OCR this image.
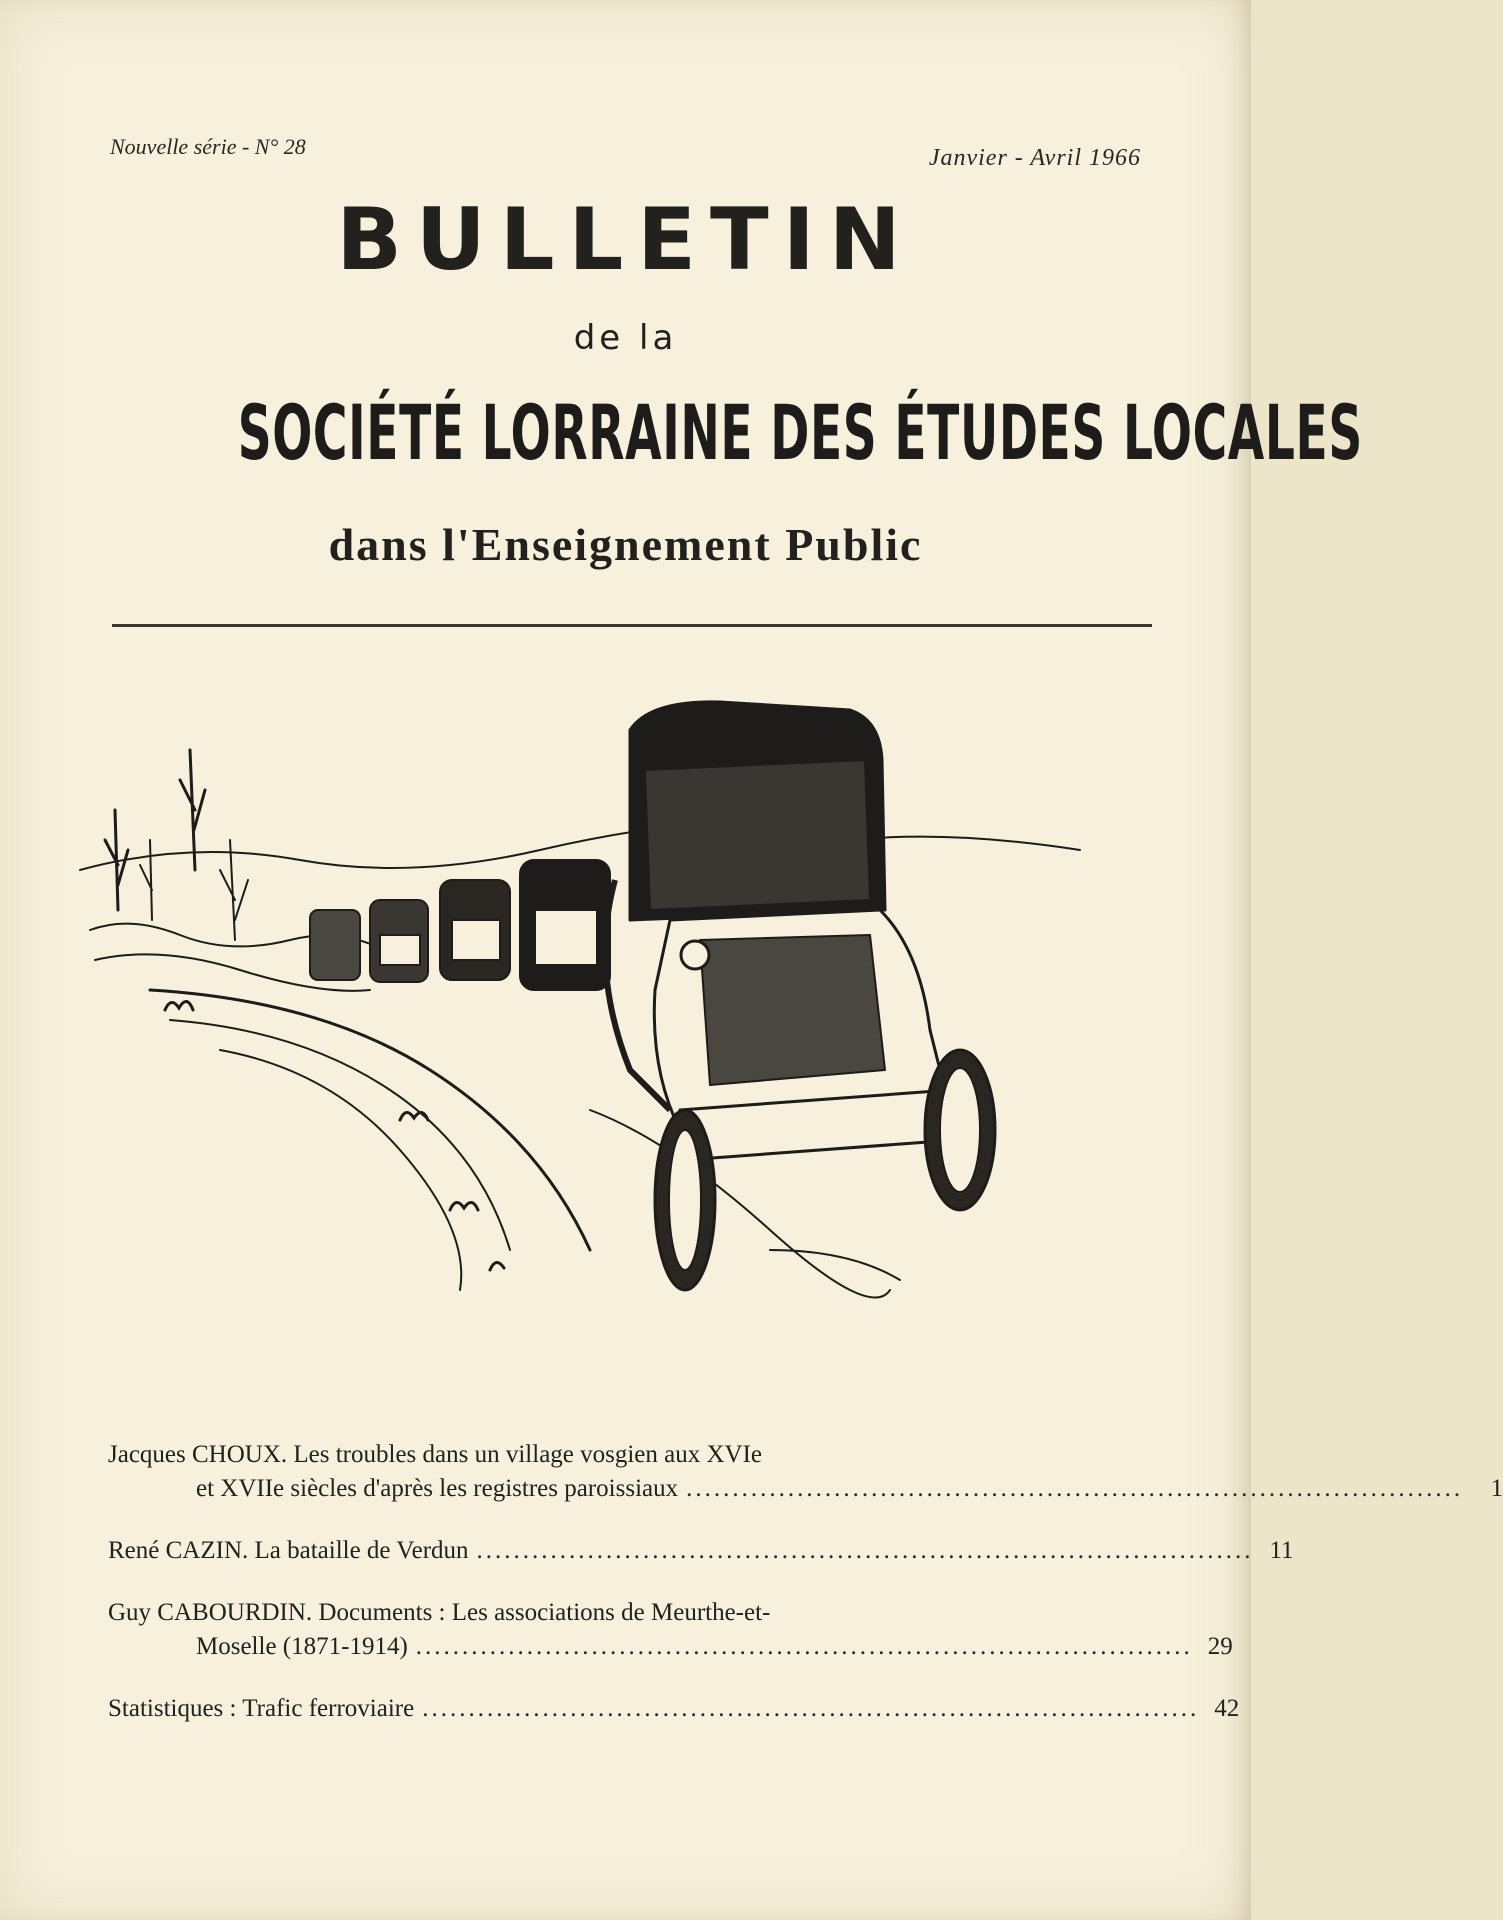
Nouvelle série - N° 28	Janvier - Avril 1966
BULLETIN
de la
SOCIÉTÉ LORRAINE DES ÉTUDES LOCALES
dans l'Enseignement Public
Jacques CHOUX. Les troubles dans un village vosgien aux XVIe
et XVIIe siècles d'après les registres paroissiaux ....................................................................................	1
René CAZIN. La bataille de Verdun .................................................................................... 11
Guy CABOURDIN. Documents : Les associations de Meurthe-et-
Moselle (1871-1914) .................................................................................... 29
Statistiques : Trafic ferroviaire .................................................................................... 42
